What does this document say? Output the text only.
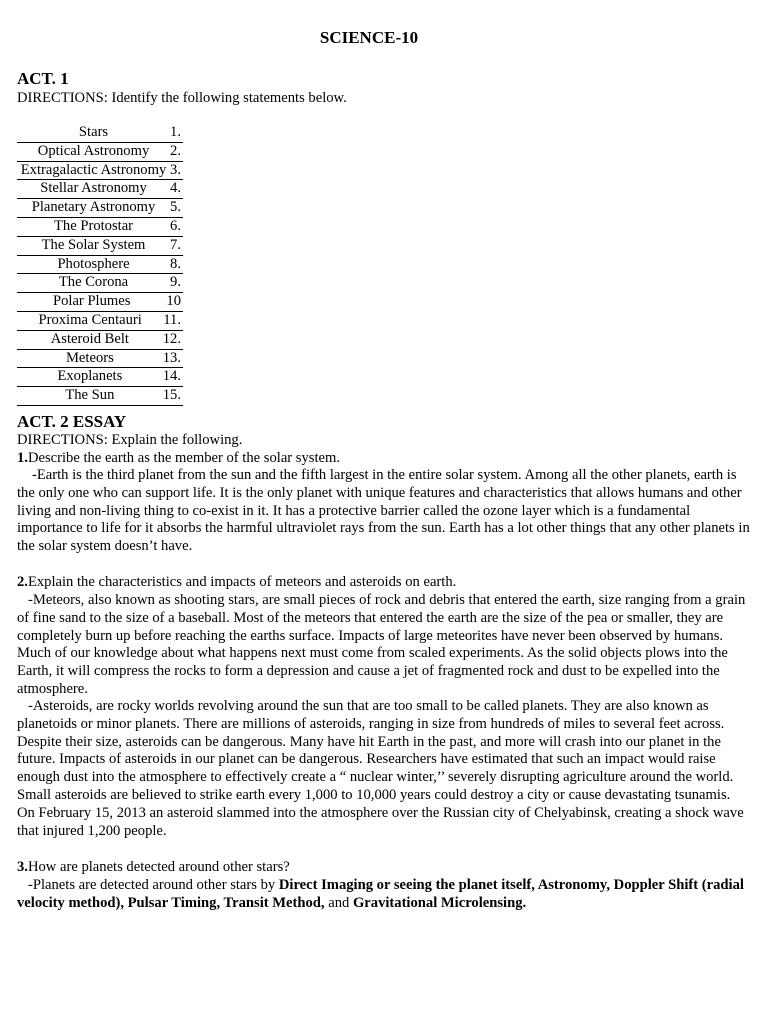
SCIENCE-10
ACT. 1
DIRECTIONS: Identify the following statements below.
Stars	1.
Optical Astronomy	2.
Extragalactic Astronomy 3.
Stellar Astronomy	4.
Planetary Astronomy	5.
The Protostar	6.
The Solar System	7.
Photosphere	8.
The Corona	9.
Polar Plumes	10
Proxima Centauri	11.
Asteroid Belt	12.
Meteors	13.
Exoplanets	14.
The Sun	15.
ACT. 2 ESSAY
DIRECTIONS: Explain the following.
1.Describe the earth as the member of the solar system.

-Earth is the third planet from the sun and the fifth largest in the entire solar system. Among all the other planets, earth is the only one who can support life. It is the only planet with unique features and characteristics that allows humans and other living and non-living thing to co-exist in it. It has a protective barrier called the ozone layer which is a fundamental importance to life for it absorbs the harmful ultraviolet rays from the sun. Earth has a lot other things that any other planets in the solar system doesn’t have.

2.Explain the characteristics and impacts of meteors and asteroids on earth.

-Meteors, also known as shooting stars, are small pieces of rock and debris that entered the earth, size ranging from a grain of fine sand to the size of a baseball. Most of the meteors that entered the earth are the size of the pea or smaller, they are completely burn up before reaching the earths surface. Impacts of large meteorites have never been observed by humans. Much of our knowledge about what happens next must come from scaled experiments. As the solid objects plows into the Earth, it will compress the rocks to form a depression and cause a jet of fragmented rock and dust to be expelled into the atmosphere.

-Asteroids, are rocky worlds revolving around the sun that are too small to be called planets. They are also known as planetoids or minor planets. There are millions of asteroids, ranging in size from hundreds of miles to several feet across. Despite their size, asteroids can be dangerous. Many have hit Earth in the past, and more will crash into our planet in the future. Impacts of asteroids in our planet can be dangerous. Researchers have estimated that such an impact would raise enough dust into the atmosphere to effectively create a “ nuclear winter,’’ severely disrupting agriculture around the world. Small asteroids are believed to strike earth every 1,000 to 10,000 years could destroy a city or cause devastating tsunamis. On February 15, 2013 an asteroid slammed into the atmosphere over the Russian city of Chelyabinsk, creating a shock wave that injured 1,200 people.

3.How are planets detected around other stars?

-Planets are detected around other stars by Direct Imaging or seeing the planet itself, Astronomy, Doppler Shift (radial velocity method), Pulsar Timing, Transit Method, and Gravitational Microlensing.
